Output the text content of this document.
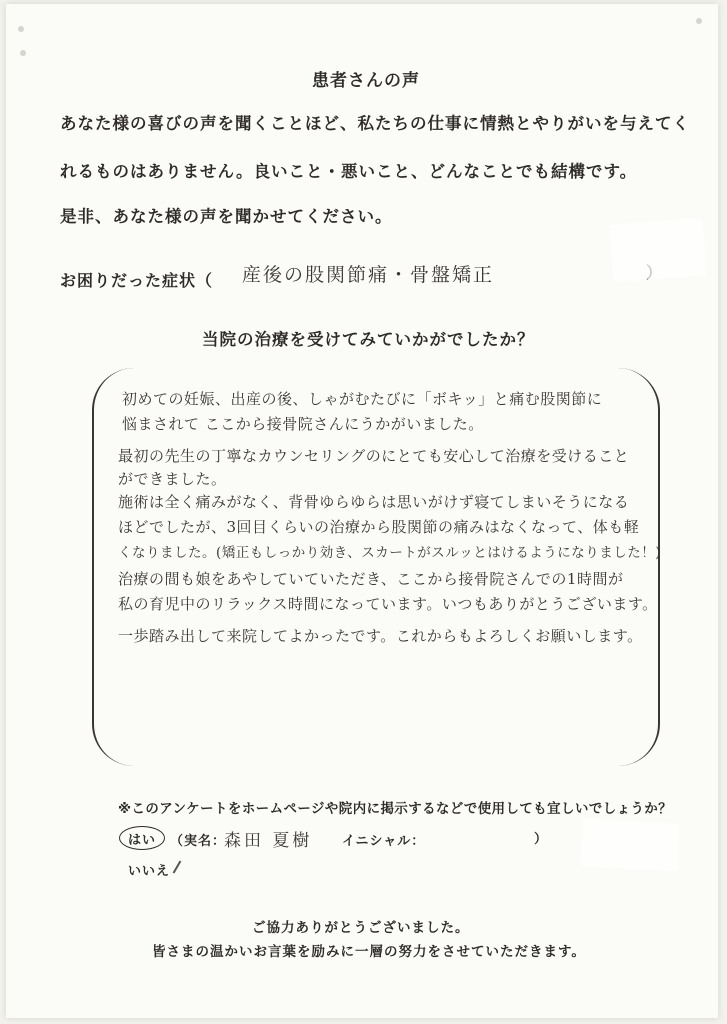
患者さんの声
あなた様の喜びの声を聞くことほど、私たちの仕事に情熱とやりがいを与えてく
れるものはありません。良いこと・悪いこと、どんなことでも結構です。
是非、あなた様の声を聞かせてください。
お困りだった症状（ 産後の股関節痛・骨盤矯正
当院の治療を受けてみていかがでしたか？
初めての妊娠、出産の後、しゃがむたびに「ボキッ」と痛む股関節に
悩まされて ここから接骨院さんにうかがいました。
最初の先生の丁寧なカウンセリングのにとても安心して治療を受けること
ができました。
施術は全く痛みがなく、背骨ゆらゆらは思いがけず寝てしまいそうになる
ほどでしたが、3回目くらいの治療から股関節の痛みはなくなって、体も軽
くなりました。(矯正もしっかり効き、スカートがスルッとはけるようになりました！)
治療の間も娘をあやしていていただき、ここから接骨院さんでの1時間が
私の育児中のリラックス時間になっています。いつもありがとうございます。
一歩踏み出して来院してよかったです。これからもよろしくお願いします。
※このアンケートをホームページや院内に掲示するなどで使用しても宜しいでしょうか？
はい （実名：
森田 夏樹 イニシャル：	）
いいえ
ご協力ありがとうございました。
皆さまの温かいお言葉を励みに一層の努力をさせていただきます。
